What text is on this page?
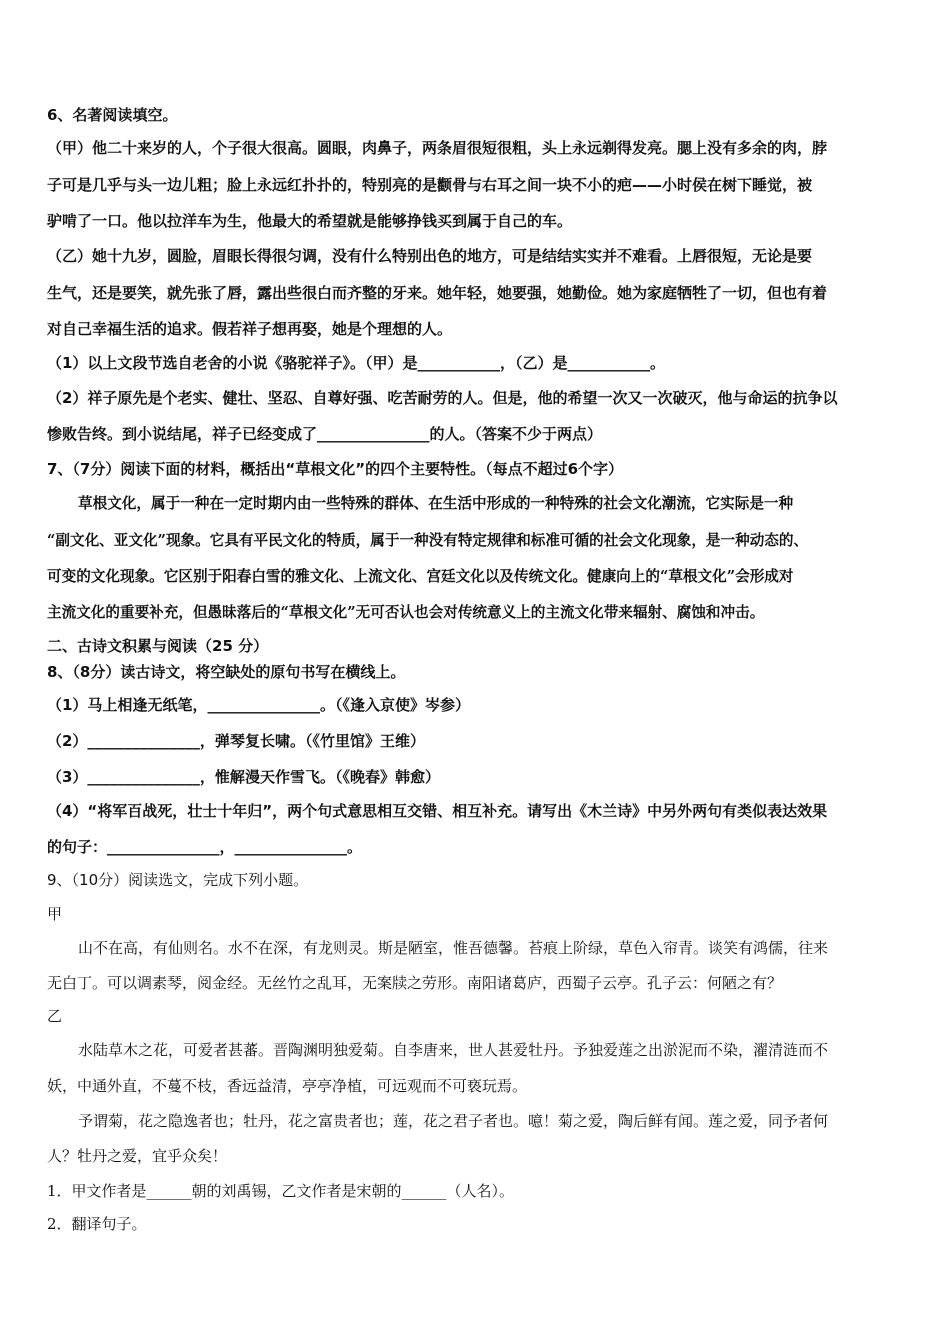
6、名著阅读填空。
（甲）他二十来岁的人，个子很大很高。圆眼，肉鼻子，两条眉很短很粗，头上永远剃得发亮。腮上没有多余的肉，脖
子可是几乎与头一边儿粗；脸上永远红扑扑的，特别亮的是颧骨与右耳之间一块不小的疤——小时侯在树下睡觉，被
驴啃了一口。他以拉洋车为生，他最大的希望就是能够挣钱买到属于自己的车。
（乙）她十九岁，圆脸，眉眼长得很匀调，没有什么特别出色的地方，可是结结实实并不难看。上唇很短，无论是要
生气，还是要笑，就先张了唇，露出些很白而齐整的牙来。她年轻，她要强，她勤俭。她为家庭牺牲了一切，但也有着
对自己幸福生活的追求。假若祥子想再娶，她是个理想的人。
（1）以上文段节选自老舍的小说《骆驼祥子》。（甲）是___________，（乙）是___________。
（2）祥子原先是个老实、健壮、坚忍、自尊好强、吃苦耐劳的人。但是，他的希望一次又一次破灭，他与命运的抗争以
惨败告终。到小说结尾，祥子已经变成了_______________的人。（答案不少于两点）
7、（7分）阅读下面的材料，概括出“草根文化”的四个主要特性。（每点不超过6个字）
草根文化，属于一种在一定时期内由一些特殊的群体、在生活中形成的一种特殊的社会文化潮流，它实际是一种
“副文化、亚文化”现象。它具有平民文化的特质，属于一种没有特定规律和标准可循的社会文化现象，是一种动态的、
可变的文化现象。它区别于阳春白雪的雅文化、上流文化、宫廷文化以及传统文化。健康向上的“草根文化”会形成对
主流文化的重要补充，但愚昧落后的“草根文化”无可否认也会对传统意义上的主流文化带来辐射、腐蚀和冲击。
二、古诗文积累与阅读（25 分）
8、（8分）读古诗文，将空缺处的原句书写在横线上。
（1）马上相逢无纸笔，_______________。（《逢入京使》岑参）
（2）_______________，弹琴复长啸。（《竹里馆》王维）
（3）_______________，惟解漫天作雪飞。（《晚春》韩愈）
（4）“将军百战死，壮士十年归”，两个句式意思相互交错、相互补充。请写出《木兰诗》中另外两句有类似表达效果
的句子：_______________，_______________。
9、（10分）阅读选文，完成下列小题。
甲
山不在高，有仙则名。水不在深，有龙则灵。斯是陋室，惟吾德馨。苔痕上阶绿，草色入帘青。谈笑有鸿儒，往来
无白丁。可以调素琴，阅金经。无丝竹之乱耳，无案牍之劳形。南阳诸葛庐，西蜀子云亭。孔子云：何陋之有？
乙
水陆草木之花，可爱者甚蕃。晋陶渊明独爱菊。自李唐来，世人甚爱牡丹。予独爱莲之出淤泥而不染，濯清涟而不
妖，中通外直，不蔓不枝，香远益清，亭亭净植，可远观而不可亵玩焉。
予谓菊，花之隐逸者也；牡丹，花之富贵者也；莲，花之君子者也。噫！菊之爱，陶后鲜有闻。莲之爱，同予者何
人？牡丹之爱，宜乎众矣！
1．甲文作者是______朝的刘禹锡，乙文作者是宋朝的______（人名）。
2．翻译句子。
